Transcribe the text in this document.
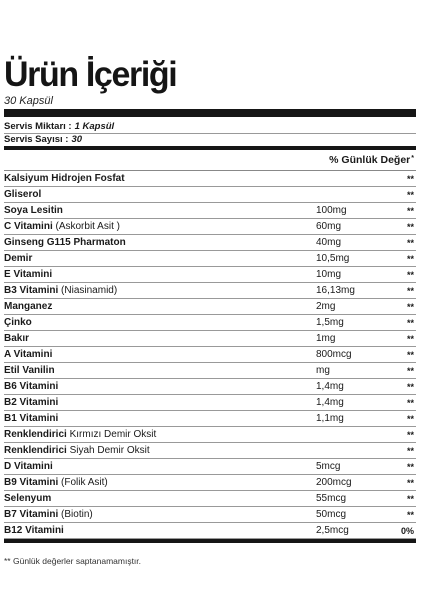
Ürün İçeriği
30 Kapsül
Servis Miktarı : 1 Kapsül
Servis Sayısı : 30
% Günlük Değer*
Kalsiyum Hidrojen Fosfat		**
Gliserol		**
Soya Lesitin	100mg	**
C Vitamini (Askorbit Asit )	60mg	**
Ginseng G115 Pharmaton	40mg	**
Demir	10,5mg	**
E Vitamini	10mg	**
B3 Vitamini (Niasinamid)	16,13mg	**
Manganez	2mg	**
Çinko	1,5mg	**
Bakır	1mg	**
A Vitamini	800mcg	**
Etil Vanilin	mg	**
B6 Vitamini	1,4mg	**
B2 Vitamini	1,4mg	**
B1 Vitamini	1,1mg	**
Renklendirici Kırmızı Demir Oksit		**
Renklendirici Siyah Demir Oksit		**
D Vitamini	5mcg	**
B9 Vitamini (Folik Asit)	200mcg	**
Selenyum	55mcg	**
B7 Vitamini (Biotin)	50mcg	**
B12 Vitamini	2,5mcg	0%
** Günlük değerler saptanamamıştır.
